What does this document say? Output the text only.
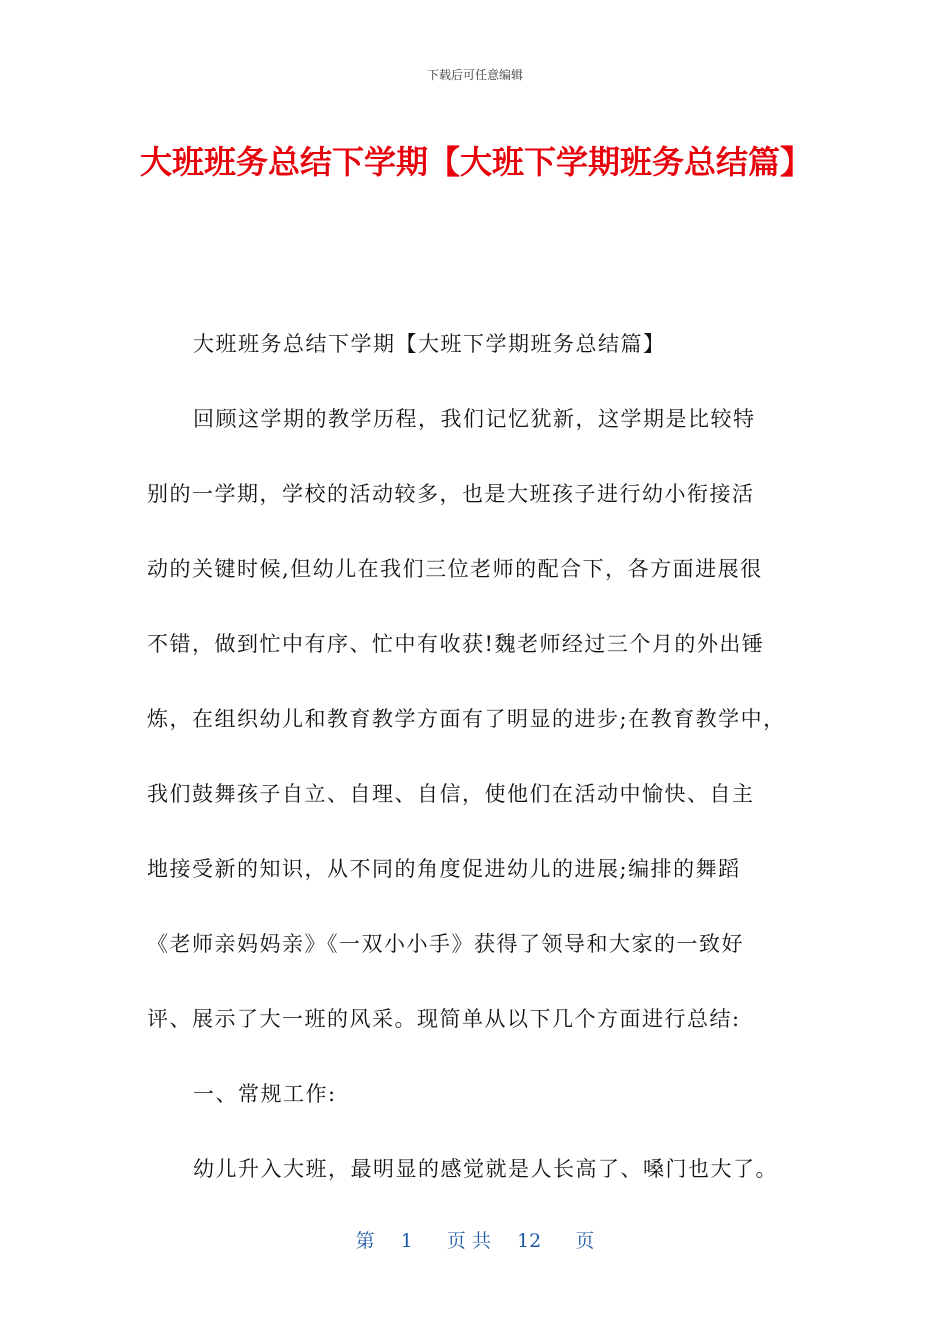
下载后可任意编辑
大班班务总结下学期【大班下学期班务总结篇】
大班班务总结下学期【大班下学期班务总结篇】
回顾这学期的教学历程，我们记忆犹新，这学期是比较特
别的一学期，学校的活动较多，也是大班孩子进行幼小衔接活
动的关键时候,但幼儿在我们三位老师的配合下，各方面进展很
不错，做到忙中有序、忙中有收获!魏老师经过三个月的外出锤
炼，在组织幼儿和教育教学方面有了明显的进步;在教育教学中，
我们鼓舞孩子自立、自理、自信，使他们在活动中愉快、自主
地接受新的知识，从不同的角度促进幼儿的进展;编排的舞蹈
《老师亲妈妈亲》《一双小小手》获得了领导和大家的一致好
评、展示了大一班的风采。现简单从以下几个方面进行总结:
一、常规工作:
幼儿升入大班，最明显的感觉就是人长高了、嗓门也大了。
第 1 页 共 12 页
